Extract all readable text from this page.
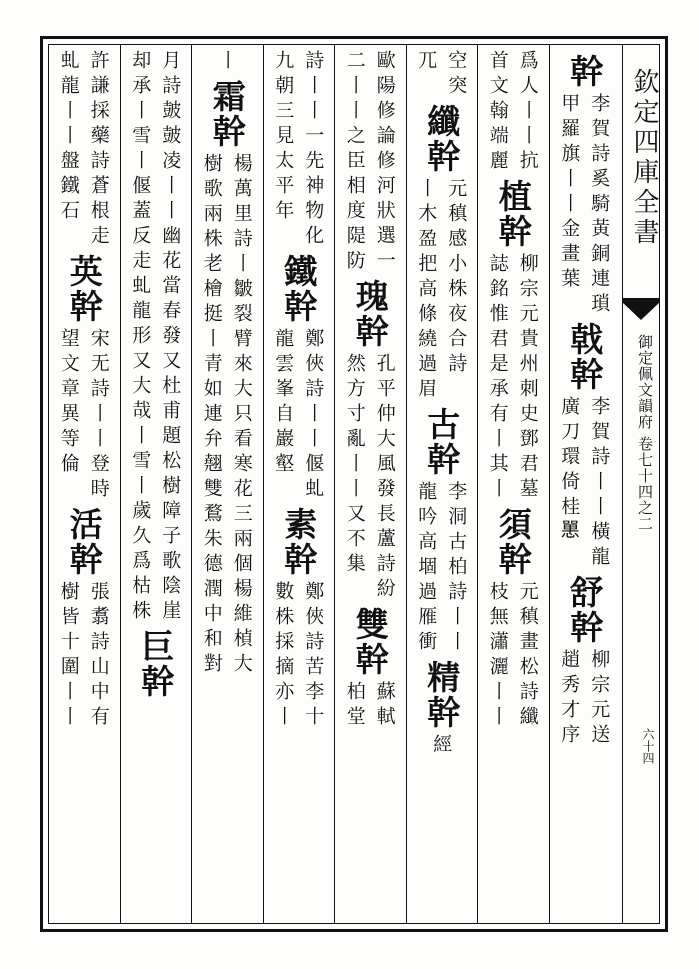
欽定四庫全書
御定佩文韻府 卷七十四之二
六十四
幹
李賀詩奚騎黃銅連瑣
甲羅旗丨丨金畫葉
戟幹
李賀詩丨丨橫龍
廣刀環倚桂𢠸
舒幹
柳宗元送
趙秀才序
爲人丨丨抗
首文翰端麗
植幹
柳宗元貴州刺史鄧君墓
誌銘惟君是承有丨其丨
須幹
元稹畫松詩纖
枝無瀟灑丨丨
空突
兀
纖幹
元稹感小株夜合詩
丨木盈把高條繞過眉
古幹
李洞古柏詩丨丨
龍吟高堌過雁衝
精幹
經
歐陽修論修河狀選一
二丨丨之臣相度隄防
瑰幹
孔平仲大風發長蘆詩紛
然方寸亂丨丨又不集
雙幹
蘇軾
柏堂
詩丨丨一先神物化
九朝三見太平年
鐵幹
鄭俠詩丨丨偃虬
龍雲峯自巖壑
素幹
鄭俠詩苦李十
數株採摘亦丨
丨
霜幹
楊萬里詩丨皺裂臂來大只看寒花三兩個楊維楨大
樹歌兩株老檜挺丨青如連弁翹雙鶩朱德潤中和對
月詩皷皷凌丨丨幽花當春發又杜甫題松樹障子歌陰崖
却承丨雪丨偃蓋反走虬龍形又大哉丨雪丨歲久爲枯株
巨幹
許謙採藥詩蒼根走
虬龍丨丨盤鐵石
英幹
宋无詩丨丨登時
望文章異等倫
活幹
張翥詩山中有
樹皆十圍丨丨
